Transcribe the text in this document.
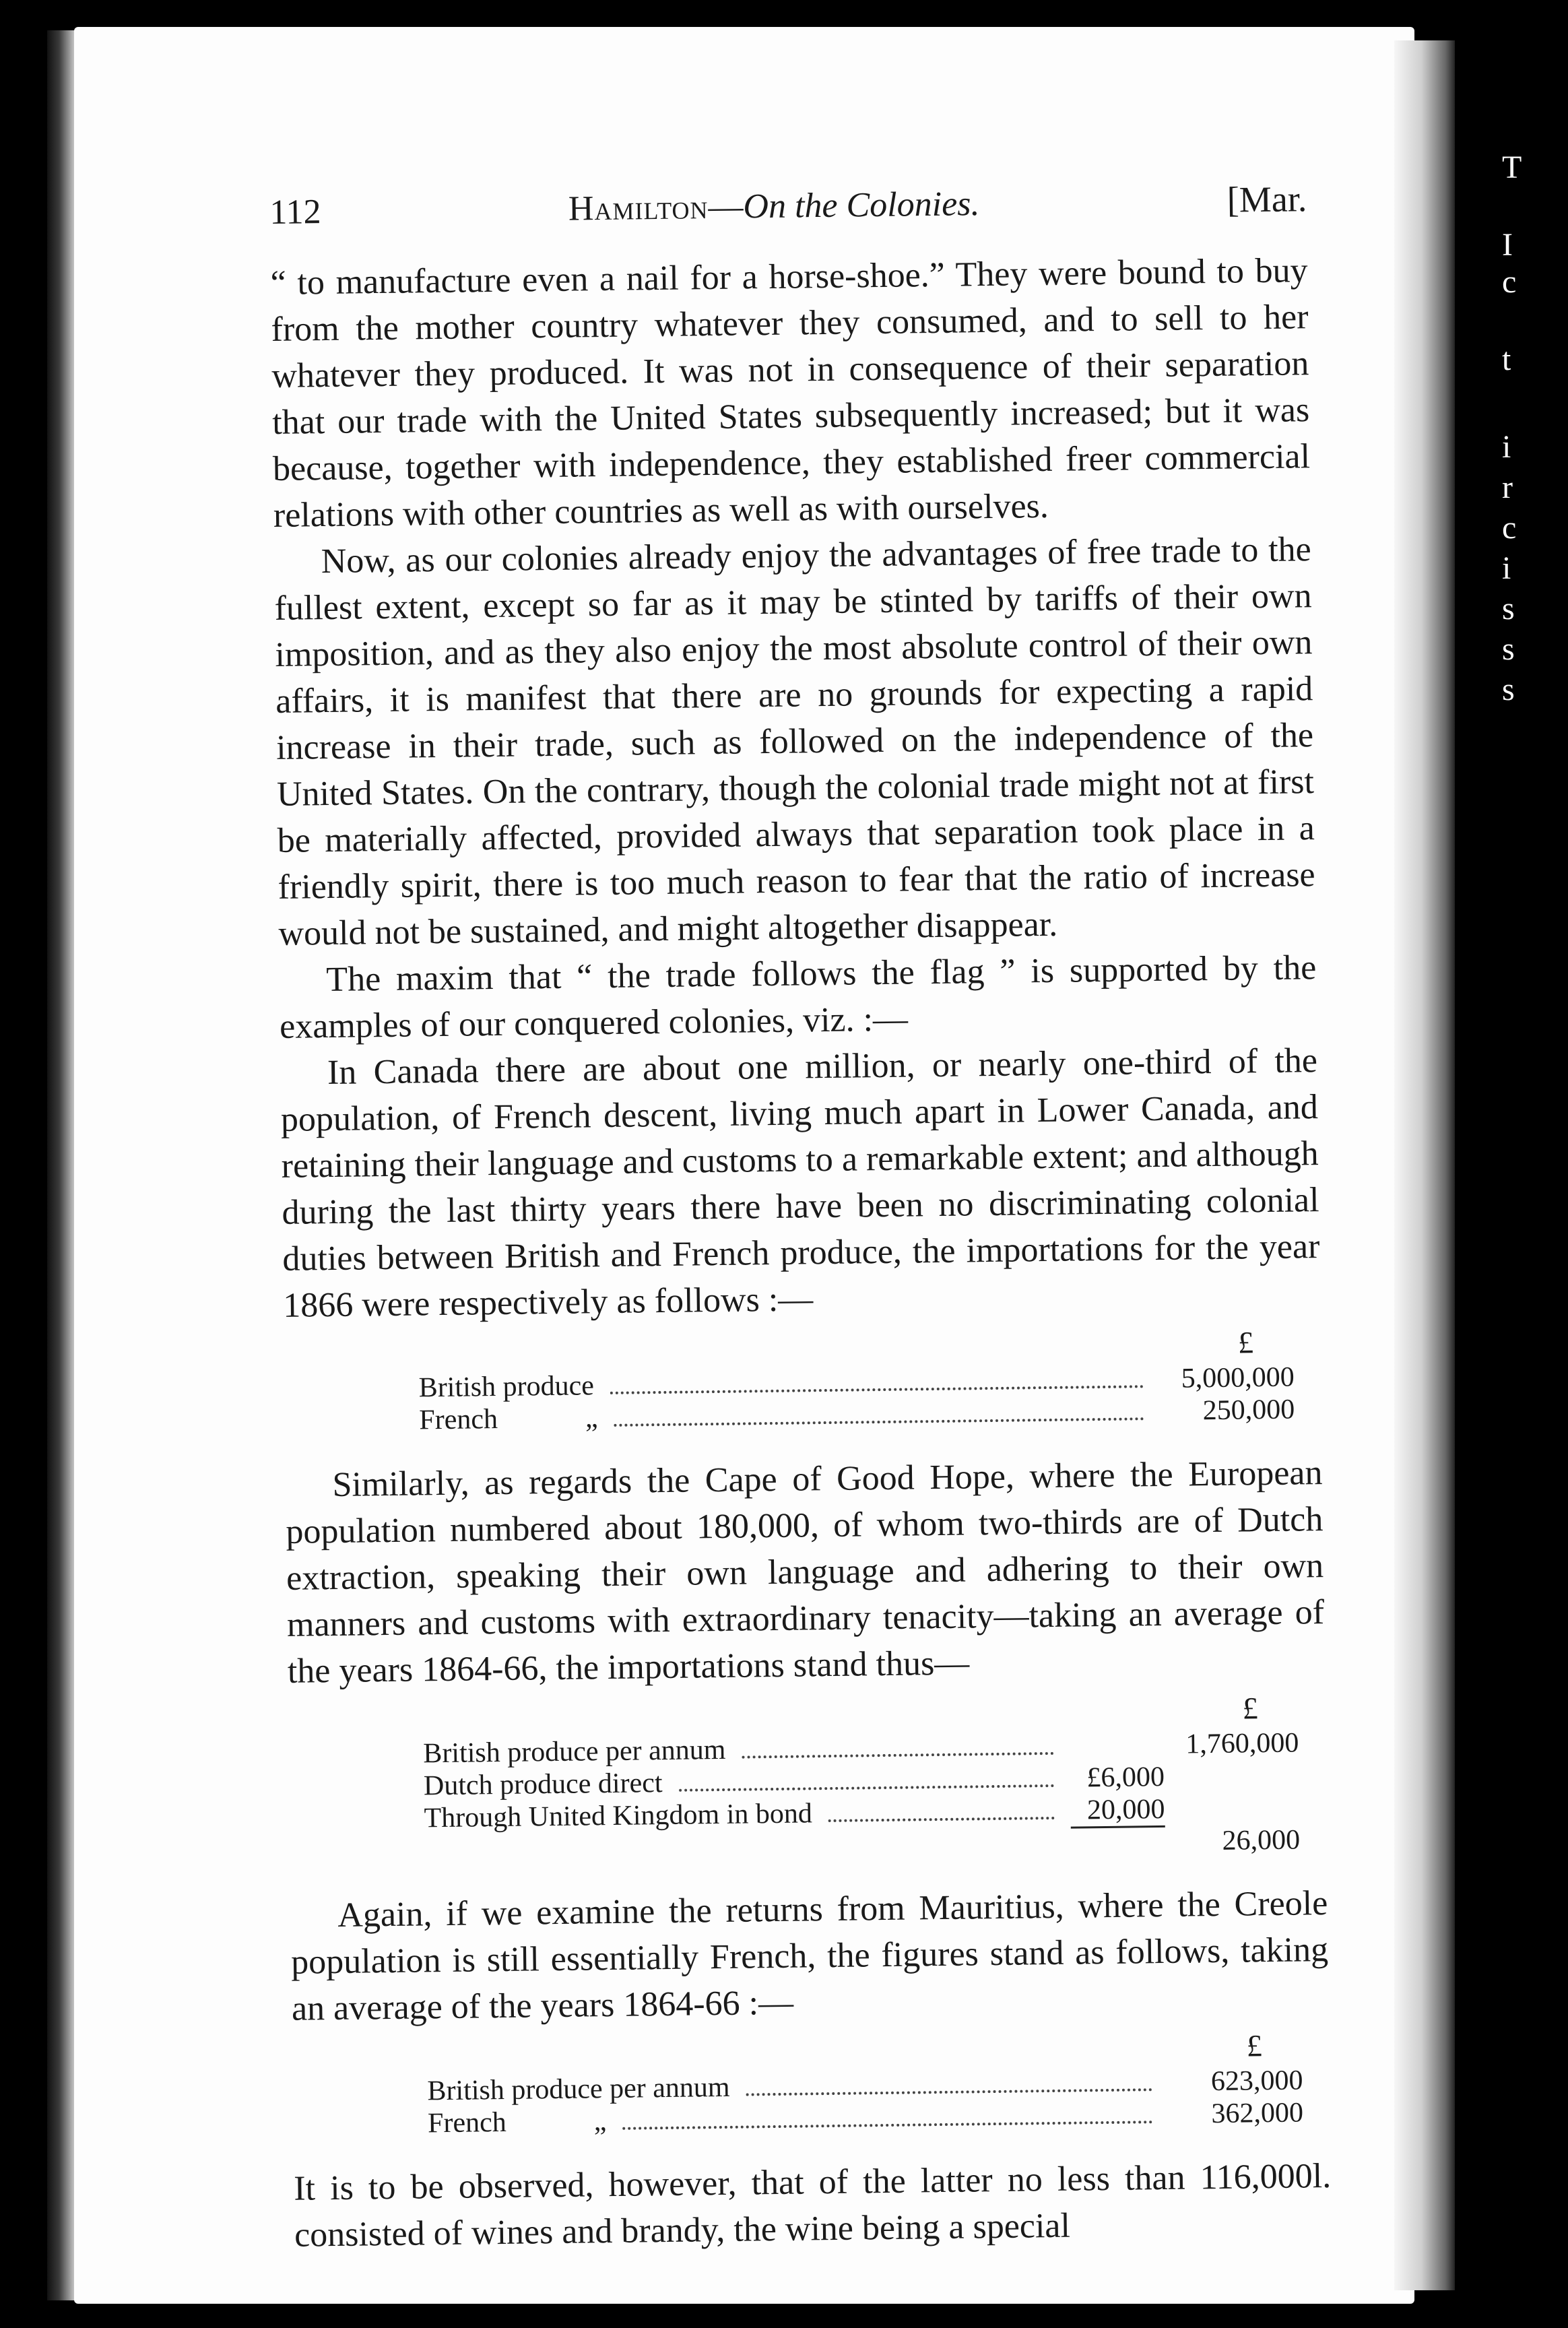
T
I
c
t
i
r
c
i
s
s
s
112	Hamilton—On the Colonies.	[Mar.

“ to manufacture even a nail for a horse-shoe.” They were bound to buy from the mother country whatever they consumed, and to sell to her whatever they produced. It was not in consequence of their separation that our trade with the United States subsequently increased; but it was because, together with independence, they established freer commercial relations with other countries as well as with ourselves.

Now, as our colonies already enjoy the advantages of free trade to the fullest extent, except so far as it may be stinted by tariffs of their own imposition, and as they also enjoy the most absolute control of their own affairs, it is manifest that there are no grounds for expecting a rapid increase in their trade, such as followed on the independence of the United States. On the contrary, though the colonial trade might not at first be materially affected, provided always that separation took place in a friendly spirit, there is too much reason to fear that the ratio of increase would not be sustained, and might altogether disappear.

The maxim that “ the trade follows the flag ” is supported by the examples of our conquered colonies, viz. :—

In Canada there are about one million, or nearly one-third of the population, of French descent, living much apart in Lower Canada, and retaining their language and customs to a remarkable extent; and although during the last thirty years there have been no discriminating colonial duties between British and French produce, the importations for the year 1866 were respectively as follows :—

£
British produce	5,000,000
French	„	250,000

Similarly, as regards the Cape of Good Hope, where the European population numbered about 180,000, of whom two-thirds are of Dutch extraction, speaking their own language and adhering to their own manners and customs with extraordinary tenacity—taking an average of the years 1864-66, the importations stand thus—

£
British produce per annum	1,760,000
Dutch produce direct	£6,000
Through United Kingdom in bond	20,000
26,000

Again, if we examine the returns from Mauritius, where the Creole population is still essentially French, the figures stand as follows, taking an average of the years 1864-66 :—

£
British produce per annum	623,000
French	„	362,000

It is to be observed, however, that of the latter no less than 116,000l. consisted of wines and brandy, the wine being a special
